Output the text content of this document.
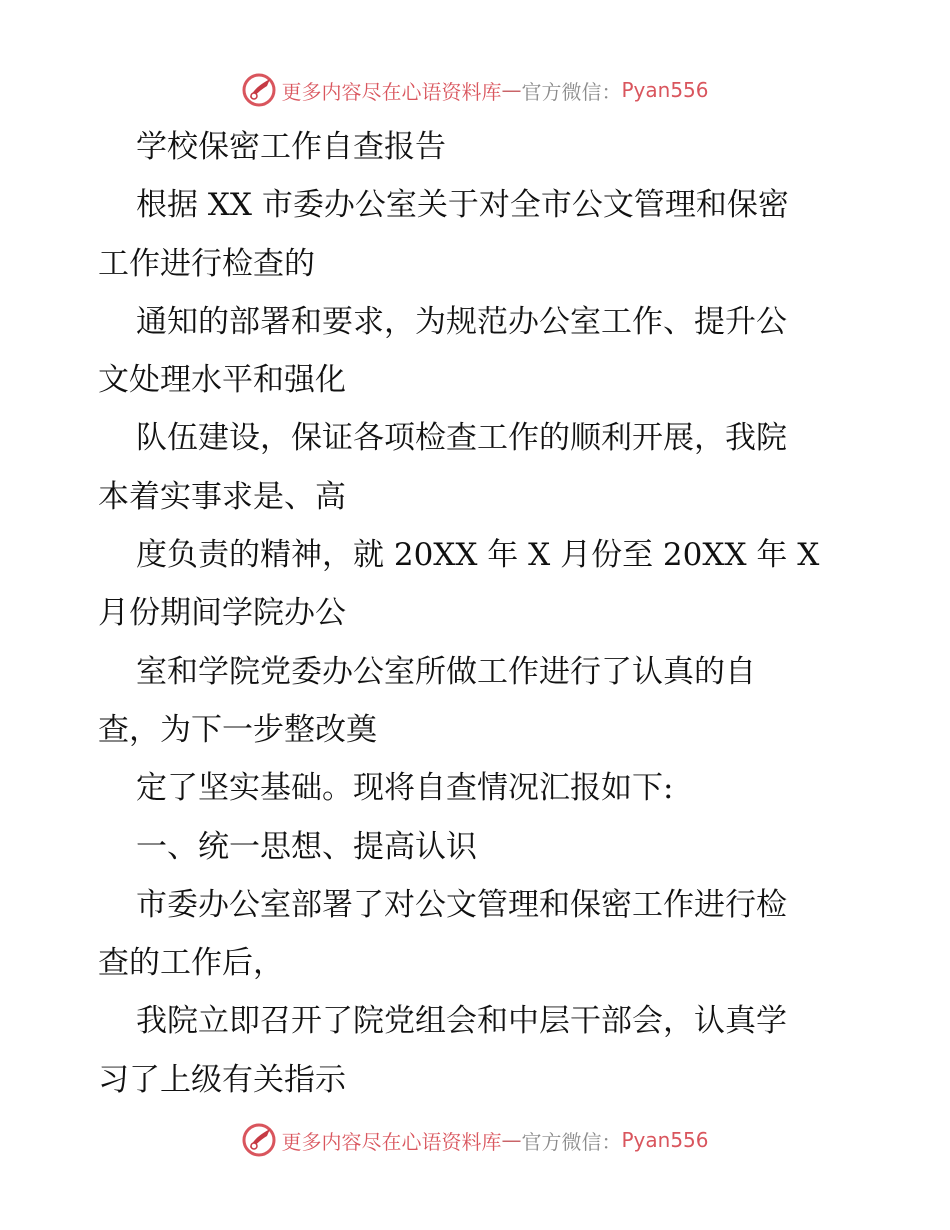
更多内容尽在心语资料库 — 官方微信： Pyan556
学校保密工作自查报告
根据 XX 市委办公室关于对全市公文管理和保密
工作进行检查的
通知的部署和要求，为规范办公室工作、提升公
文处理水平和强化
队伍建设，保证各项检查工作的顺利开展，我院
本着实事求是、高
度负责的精神，就 20XX 年 X 月份至 20XX 年 X
月份期间学院办公
室和学院党委办公室所做工作进行了认真的自
查，为下一步整改奠
定了坚实基础。现将自查情况汇报如下:
一、统一思想、提高认识
市委办公室部署了对公文管理和保密工作进行检
查的工作后，
我院立即召开了院党组会和中层干部会，认真学
习了上级有关指示
更多内容尽在心语资料库 — 官方微信： Pyan556
